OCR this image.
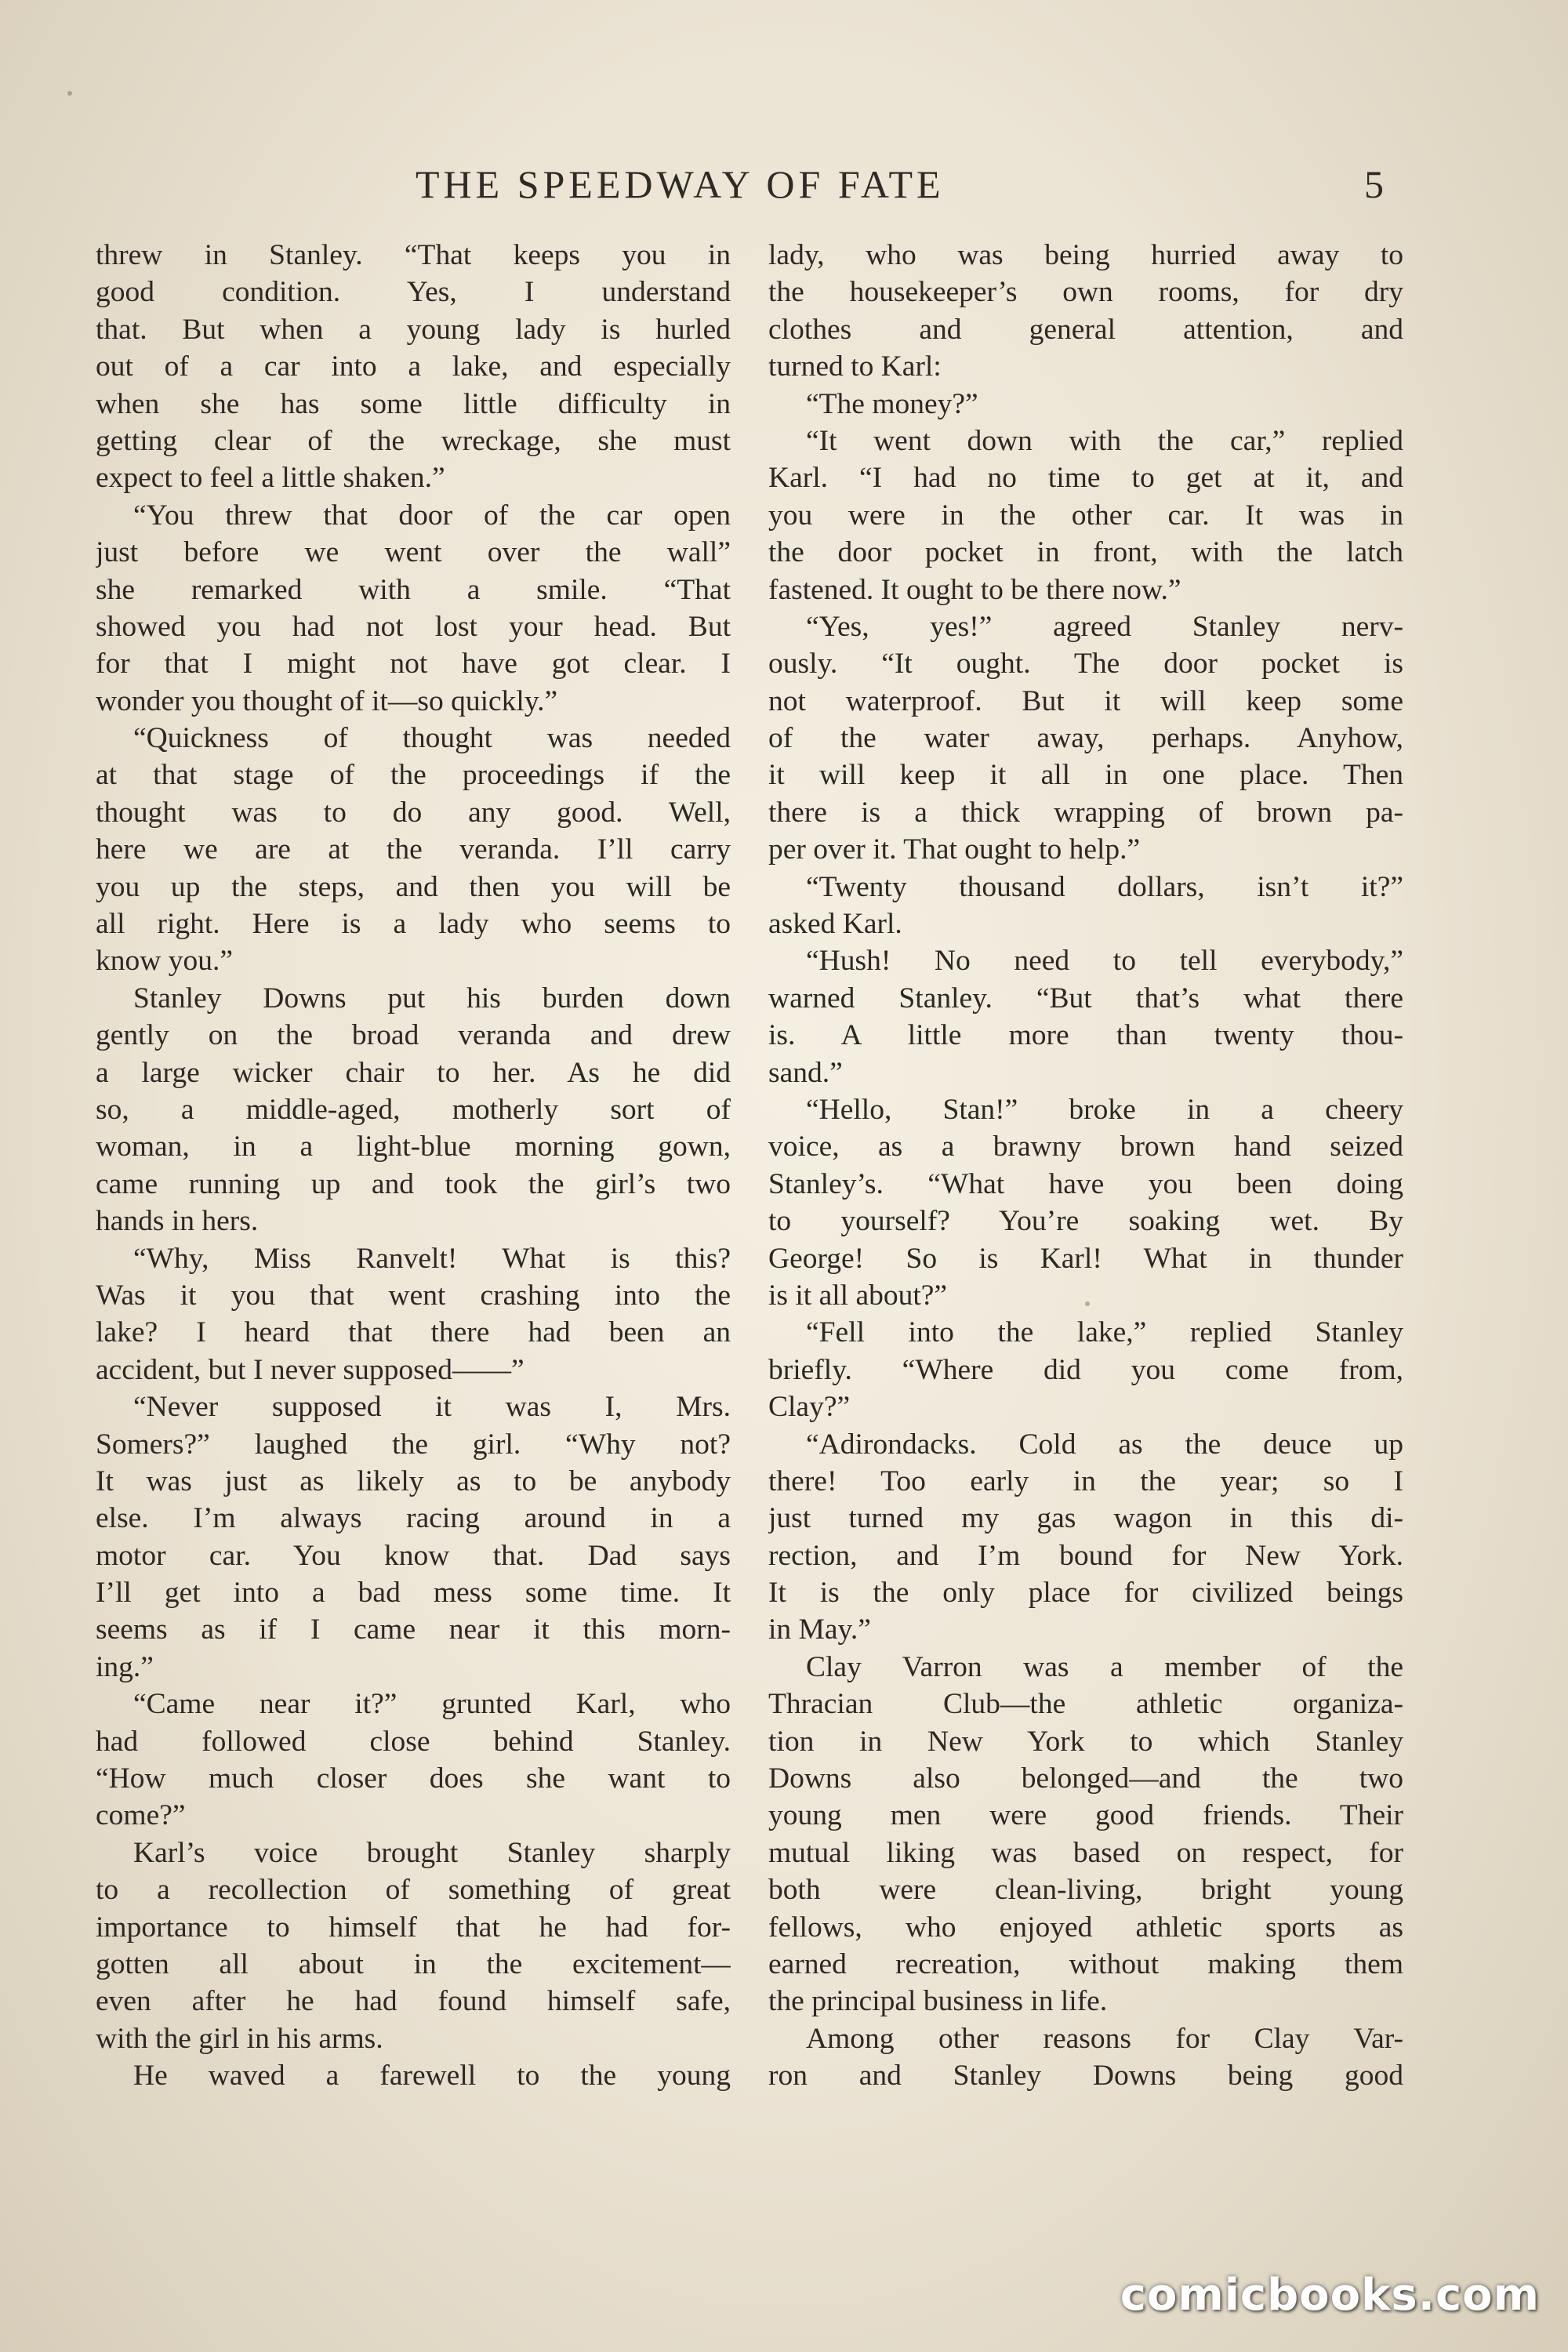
THE SPEEDWAY OF FATE	5
threw in Stanley. “That keeps you in
good condition. Yes, I understand
that. But when a young lady is hurled
out of a car into a lake, and especially
when she has some little difficulty in
getting clear of the wreckage, she must
expect to feel a little shaken.”
“You threw that door of the car open
just before we went over the wall”
she remarked with a smile. “That
showed you had not lost your head. But
for that I might not have got clear. I
wonder you thought of it—so quickly.”
“Quickness of thought was needed
at that stage of the proceedings if the
thought was to do any good. Well,
here we are at the veranda. I’ll carry
you up the steps, and then you will be
all right. Here is a lady who seems to
know you.”
Stanley Downs put his burden down
gently on the broad veranda and drew
a large wicker chair to her. As he did
so, a middle-aged, motherly sort of
woman, in a light-blue morning gown,
came running up and took the girl’s two
hands in hers.
“Why, Miss Ranvelt! What is this?
Was it you that went crashing into the
lake? I heard that there had been an
accident, but I never supposed——”
“Never supposed it was I, Mrs.
Somers?” laughed the girl. “Why not?
It was just as likely as to be anybody
else. I’m always racing around in a
motor car. You know that. Dad says
I’ll get into a bad mess some time. It
seems as if I came near it this morn-
ing.”
“Came near it?” grunted Karl, who
had followed close behind Stanley.
“How much closer does she want to
come?”
Karl’s voice brought Stanley sharply
to a recollection of something of great
importance to himself that he had for-
gotten all about in the excitement—
even after he had found himself safe,
with the girl in his arms.
He waved a farewell to the young
lady, who was being hurried away to
the housekeeper’s own rooms, for dry
clothes and general attention, and
turned to Karl:
“The money?”
“It went down with the car,” replied
Karl. “I had no time to get at it, and
you were in the other car. It was in
the door pocket in front, with the latch
fastened. It ought to be there now.”
“Yes, yes!” agreed Stanley nerv-
ously. “It ought. The door pocket is
not waterproof. But it will keep some
of the water away, perhaps. Anyhow,
it will keep it all in one place. Then
there is a thick wrapping of brown pa-
per over it. That ought to help.”
“Twenty thousand dollars, isn’t it?”
asked Karl.
“Hush! No need to tell everybody,”
warned Stanley. “But that’s what there
is. A little more than twenty thou-
sand.”
“Hello, Stan!” broke in a cheery
voice, as a brawny brown hand seized
Stanley’s. “What have you been doing
to yourself? You’re soaking wet. By
George! So is Karl! What in thunder
is it all about?”
“Fell into the lake,” replied Stanley
briefly. “Where did you come from,
Clay?”
“Adirondacks. Cold as the deuce up
there! Too early in the year; so I
just turned my gas wagon in this di-
rection, and I’m bound for New York.
It is the only place for civilized beings
in May.”
Clay Varron was a member of the
Thracian Club—the athletic organiza-
tion in New York to which Stanley
Downs also belonged—and the two
young men were good friends. Their
mutual liking was based on respect, for
both were clean-living, bright young
fellows, who enjoyed athletic sports as
earned recreation, without making them
the principal business in life.
Among other reasons for Clay Var-
ron and Stanley Downs being good
comicbooks.com
